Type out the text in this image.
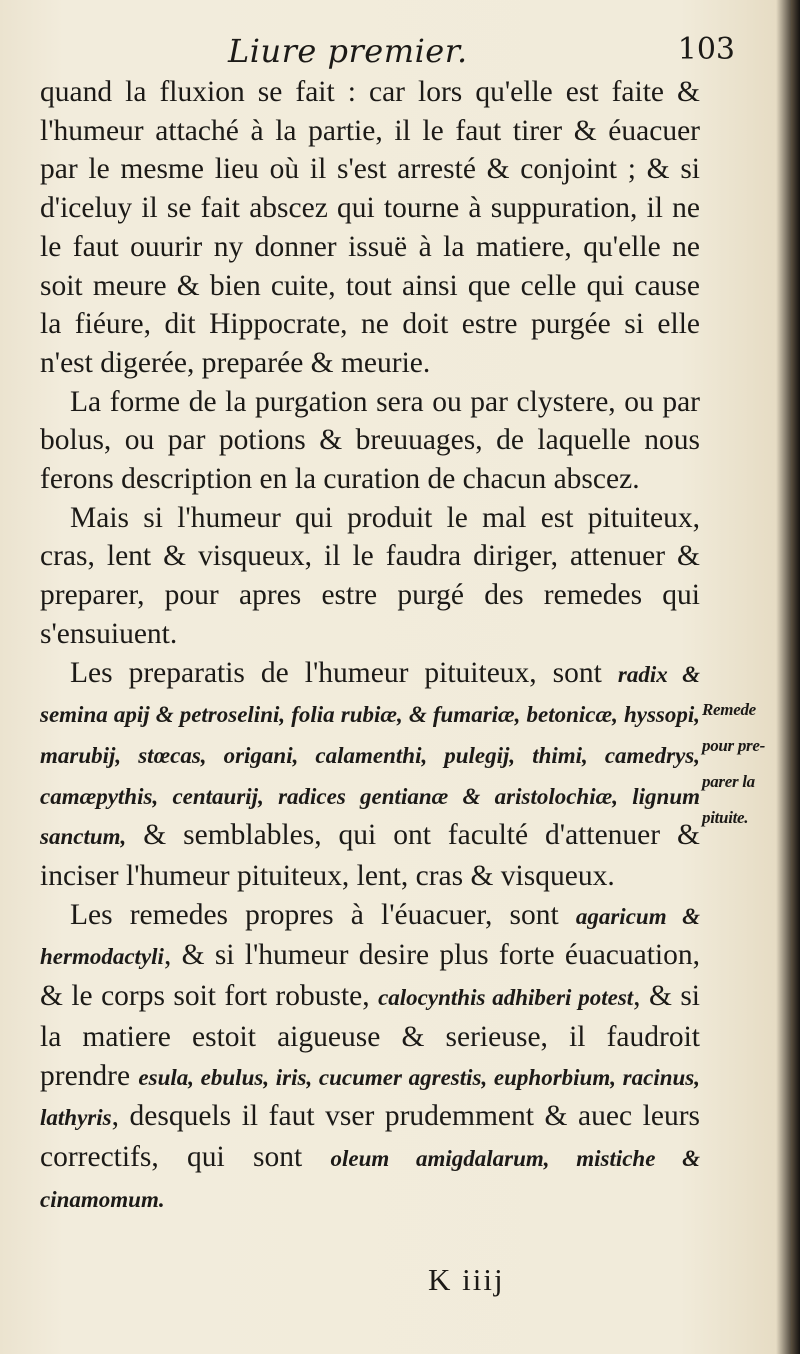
Liure premier.	103

quand la fluxion se fait : car lors qu'elle est faite & l'humeur attaché à la partie, il le faut tirer & éuacuer par le mesme lieu où il s'est arresté & conjoint ; & si d'iceluy il se fait abscez qui tourne à suppuration, il ne le faut ouurir ny donner issuë à la matiere, qu'elle ne soit meure & bien cuite, tout ainsi que celle qui cause la fiéure, dit Hippocrate, ne doit estre purgée si elle n'est digerée, preparée & meurie.

La forme de la purgation sera ou par clystere, ou par bolus, ou par potions & breuuages, de laquelle nous ferons description en la curation de chacun abscez.

Mais si l'humeur qui produit le mal est pituiteux, cras, lent & visqueux, il le faudra diriger, attenuer & preparer, pour apres estre purgé des remedes qui s'ensuiuent.

Les preparatis de l'humeur pituiteux, sont radix & semina apij & petroselini, folia rubiæ, & fumariæ, betonicæ, hyssopi, marubij, stœcas, origani, calamenthi, pulegij, thimi, camedrys, camæpythis, centaurij, radices gentianæ & aristolochiæ, lignum sanctum, & semblables, qui ont faculté d'attenuer & inciser l'humeur pituiteux, lent, cras & visqueux.

Les remedes propres à l'éuacuer, sont agaricum & hermodactyli, & si l'humeur desire plus forte éuacuation, & le corps soit fort robuste, calocynthis adhiberi potest, & si la matiere estoit aigueuse & serieuse, il faudroit prendre esula, ebulus, iris, cucumer agrestis, euphorbium, racinus, lathyris, desquels il faut vser prudemment & auec leurs correctifs, qui sont oleum amigdalarum, mistiche & cinamomum.

Remede
pour pre-
parer la
pituite.
K iiij
